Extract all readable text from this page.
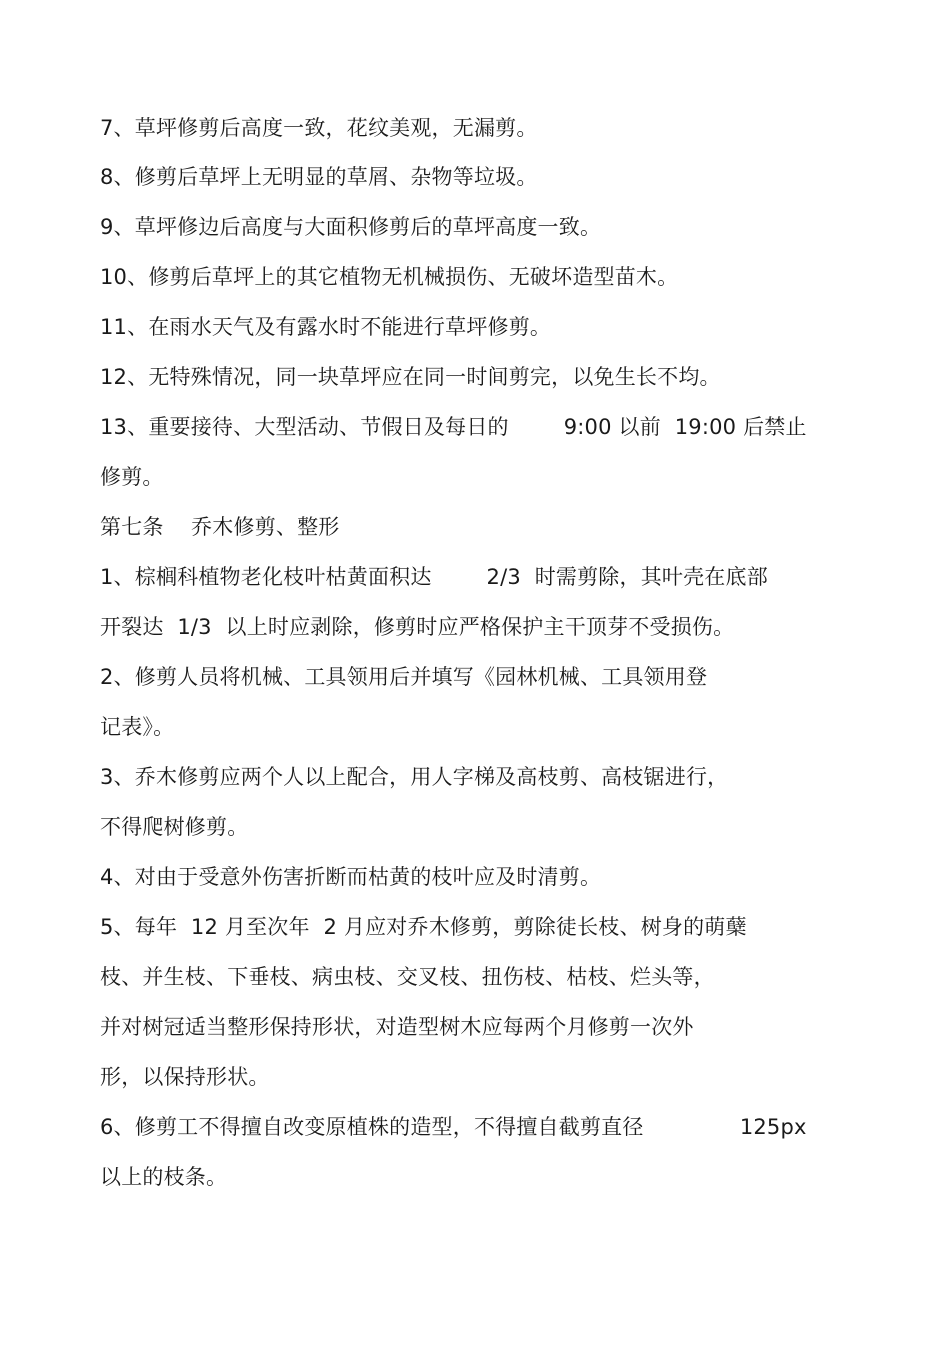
7、草坪修剪后高度一致，花纹美观，无漏剪。
8、修剪后草坪上无明显的草屑、杂物等垃圾。
9、草坪修边后高度与大面积修剪后的草坪高度一致。
10、修剪后草坪上的其它植物无机械损伤、无破坏造型苗木。
11、在雨水天气及有露水时不能进行草坪修剪。
12、无特殊情况，同一块草坪应在同一时间剪完，以免生长不均。
13、重要接待、大型活动、节假日及每日的        9:00 以前  19:00 后禁止
修剪。
第七条    乔木修剪、整形
1、棕榈科植物老化枝叶枯黄面积达        2/3  时需剪除，其叶壳在底部
开裂达  1/3  以上时应剥除，修剪时应严格保护主干顶芽不受损伤。
2、修剪人员将机械、工具领用后并填写《园林机械、工具领用登
记表》。
3、乔木修剪应两个人以上配合，用人字梯及高枝剪、高枝锯进行，
不得爬树修剪。
4、对由于受意外伤害折断而枯黄的枝叶应及时清剪。
5、每年  12 月至次年  2 月应对乔木修剪，剪除徒长枝、树身的萌蘖
枝、并生枝、下垂枝、病虫枝、交叉枝、扭伤枝、枯枝、烂头等，
并对树冠适当整形保持形状，对造型树木应每两个月修剪一次外
形，以保持形状。
6、修剪工不得擅自改变原植株的造型，不得擅自截剪直径              125px
以上的枝条。
